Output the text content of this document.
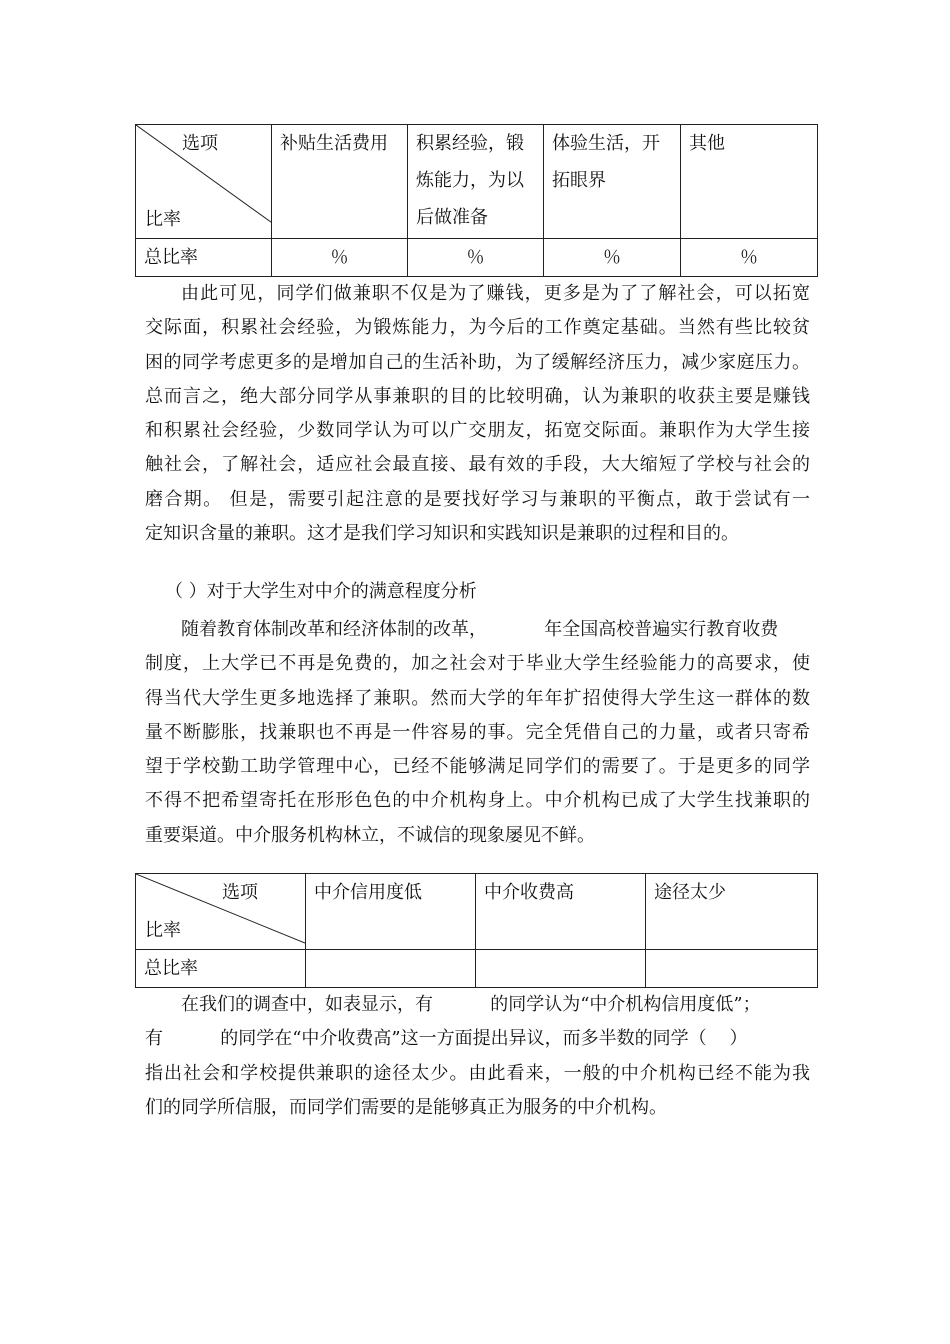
选项
比率	补贴生活费用	积累经验，锻炼能力，为以后做准备	体验生活，开拓眼界	其他
总比率	％	％	％	％
由此可见，同学们做兼职不仅是为了赚钱，更多是为了了解社会，可以拓宽
交际面，积累社会经验，为锻炼能力，为今后的工作奠定基础。当然有些比较贫
困的同学考虑更多的是增加自己的生活补助，为了缓解经济压力，减少家庭压力。
总而言之，绝大部分同学从事兼职的目的比较明确，认为兼职的收获主要是赚钱
和积累社会经验，少数同学认为可以广交朋友，拓宽交际面。兼职作为大学生接
触社会，了解社会，适应社会最直接、最有效的手段，大大缩短了学校与社会的
磨合期。 但是，需要引起注意的是要找好学习与兼职的平衡点，敢于尝试有一
定知识含量的兼职。这才是我们学习知识和实践知识是兼职的过程和目的。
（ ）对于大学生对中介的满意程度分析
随着教育体制改革和经济体制的改革，          年全国高校普遍实行教育收费
制度，上大学已不再是免费的，加之社会对于毕业大学生经验能力的高要求，使
得当代大学生更多地选择了兼职。然而大学的年年扩招使得大学生这一群体的数
量不断膨胀，找兼职也不再是一件容易的事。完全凭借自己的力量，或者只寄希
望于学校勤工助学管理中心，已经不能够满足同学们的需要了。于是更多的同学
不得不把希望寄托在形形色色的中介机构身上。中介机构已成了大学生找兼职的
重要渠道。中介服务机构林立，不诚信的现象屡见不鲜。
选项
比率	中介信用度低	中介收费高	途径太少
总比率			
在我们的调查中，如表显示，有          的同学认为“中介机构信用度低”；
有          的同学在“中介收费高”这一方面提出异议，而多半数的同学（    ）
指出社会和学校提供兼职的途径太少。由此看来，一般的中介机构已经不能为我
们的同学所信服，而同学们需要的是能够真正为服务的中介机构。
